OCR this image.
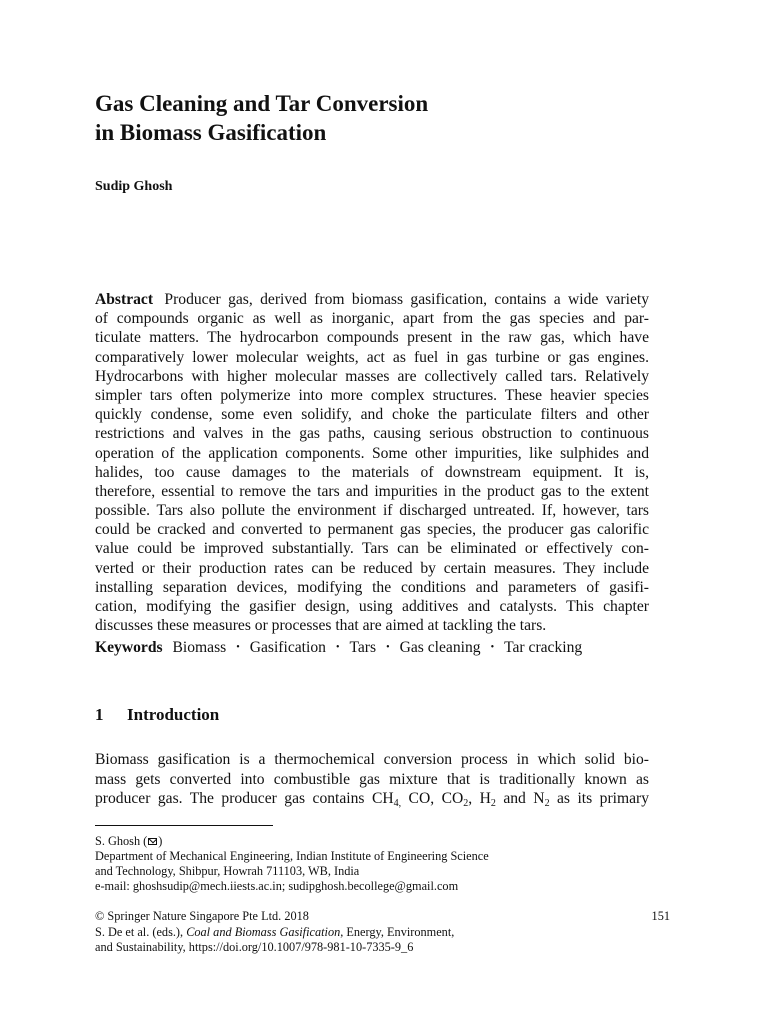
Gas Cleaning and Tar Conversion
in Biomass Gasification

Sudip Ghosh

Abstract Producer gas, derived from biomass gasification, contains a wide variety
of compounds organic as well as inorganic, apart from the gas species and par-
ticulate matters. The hydrocarbon compounds present in the raw gas, which have
comparatively lower molecular weights, act as fuel in gas turbine or gas engines.
Hydrocarbons with higher molecular masses are collectively called tars. Relatively
simpler tars often polymerize into more complex structures. These heavier species
quickly condense, some even solidify, and choke the particulate filters and other
restrictions and valves in the gas paths, causing serious obstruction to continuous
operation of the application components. Some other impurities, like sulphides and
halides, too cause damages to the materials of downstream equipment. It is,
therefore, essential to remove the tars and impurities in the product gas to the extent
possible. Tars also pollute the environment if discharged untreated. If, however, tars
could be cracked and converted to permanent gas species, the producer gas calorific
value could be improved substantially. Tars can be eliminated or effectively con-
verted or their production rates can be reduced by certain measures. They include
installing separation devices, modifying the conditions and parameters of gasifi-
cation, modifying the gasifier design, using additives and catalysts. This chapter
discusses these measures or processes that are aimed at tackling the tars.
Keywords Biomass • Gasification • Tars • Gas cleaning • Tar cracking
1 Introduction
Biomass gasification is a thermochemical conversion process in which solid bio-
mass gets converted into combustible gas mixture that is traditionally known as
producer gas. The producer gas contains $CH_{4,}$ CO, $CO_2$, $H_2$ and $N_2$ as its primary
S. Ghosh ( )
Department of Mechanical Engineering, Indian Institute of Engineering Science
and Technology, Shibpur, Howrah 711103, WB, India
e-mail: ghoshsudip@mech.iiests.ac.in; sudipghosh.becollege@gmail.com
© Springer Nature Singapore Pte Ltd. 2018
S. De et al. (eds.), Coal and Biomass Gasification, Energy, Environment,
and Sustainability, https://doi.org/10.1007/978-981-10-7335-9_6
151
